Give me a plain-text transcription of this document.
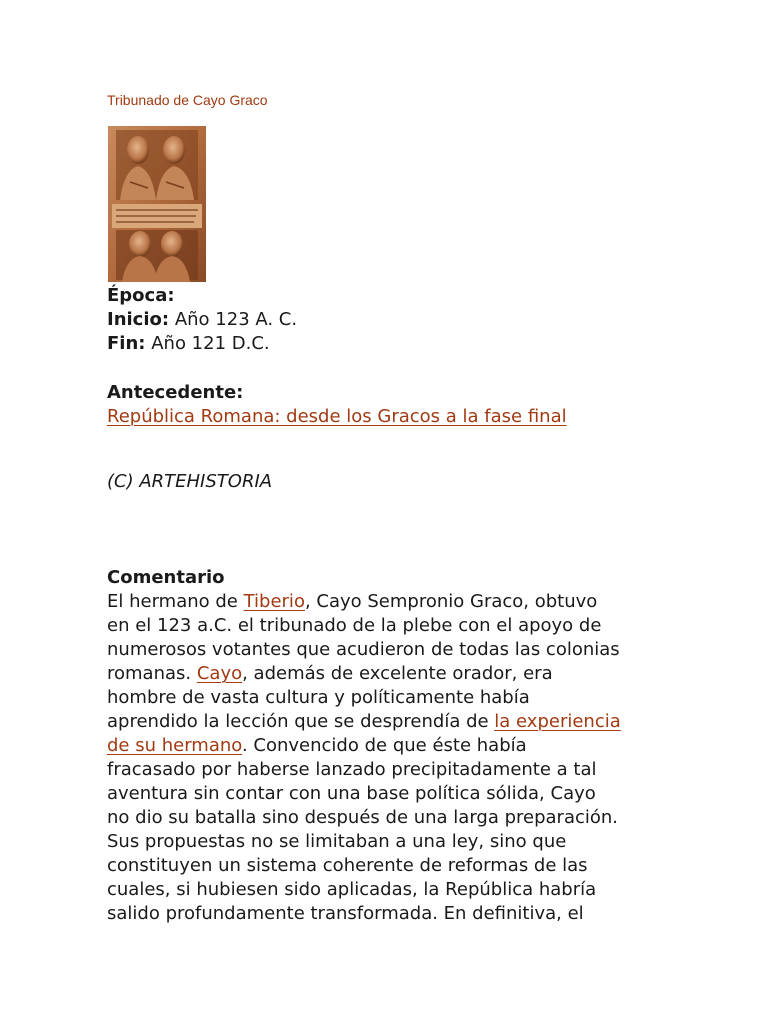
Tribunado de Cayo Graco
Época:
Inicio: Año 123 A. C.
Fin: Año 121 D.C.
Antecedente:
República Romana: desde los Gracos a la fase final
(C) ARTEHISTORIA
Comentario
El hermano de Tiberio, Cayo Sempronio Graco, obtuvo
en el 123 a.C. el tribunado de la plebe con el apoyo de
numerosos votantes que acudieron de todas las colonias
romanas. Cayo, además de excelente orador, era
hombre de vasta cultura y políticamente había
aprendido la lección que se desprendía de la experiencia
de su hermano. Convencido de que éste había
fracasado por haberse lanzado precipitadamente a tal
aventura sin contar con una base política sólida, Cayo
no dio su batalla sino después de una larga preparación.
Sus propuestas no se limitaban a una ley, sino que
constituyen un sistema coherente de reformas de las
cuales, si hubiesen sido aplicadas, la República habría
salido profundamente transformada. En definitiva, el
